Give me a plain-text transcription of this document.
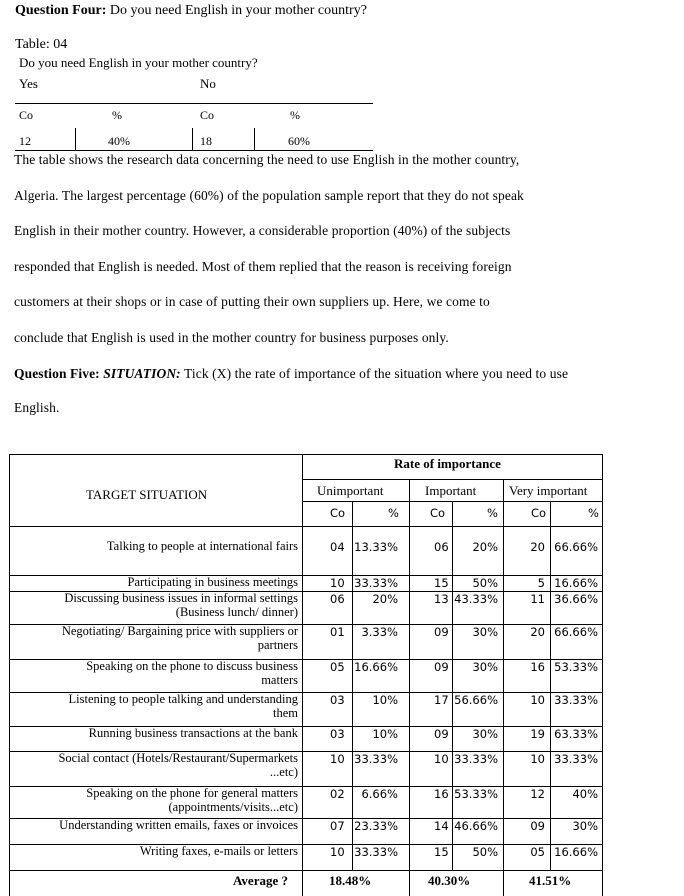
Question Four: Do you need English in your mother country?
Table: 04
Do you need English in your mother country?
Yes	No
Co	%	Co	%
12	40%	18	60%
The table shows the research data concerning the need to use English in the mother country,
Algeria. The largest percentage (60%) of the population sample report that they do not speak
English in their mother country. However, a considerable proportion (40%) of the subjects
responded that English is needed. Most of them replied that the reason is receiving foreign
customers at their shops or in case of putting their own suppliers up. Here, we come to
conclude that English is used in the mother country for business purposes only.
Question Five: SITUATION: Tick (X) the rate of importance of the situation where you need to use
English.
TARGET SITUATION
Rate of importance
Unimportant	Important	Very important
Co	%	Co	%	Co	%
Talking to people at international fairs	04 13.33%	06 20%	20 66.66%
Participating in business meetings	10 33.33%	15 50%	5 16.66%
Discussing business issues in informal settings
(Business lunch/ dinner)
06 20%	13 43.33%	11 36.66%
Negotiating/ Bargaining price with suppliers or
partners
01 3.33%	09 30%	20 66.66%
Speaking on the phone to discuss business
matters
05 16.66%	09 30%	16 53.33%
Listening to people talking and understanding
them
03 10%	17 56.66%	10 33.33%
Running business transactions at the bank	03 10%	09 30%	19 63.33%
Social contact (Hotels/Restaurant/Supermarkets
...etc)
10 33.33%	10 33.33%	10 33.33%
Speaking on the phone for general matters
(appointments/visits...etc)
02 6.66%	16 53.33%	12 40%
Understanding written emails, faxes or invoices	07 23.33%	14 46.66%	09 30%
Writing faxes, e-mails or letters	10 33.33%	15 50%	05 16.66%
Average ?	18.48%	40.30%	41.51%
